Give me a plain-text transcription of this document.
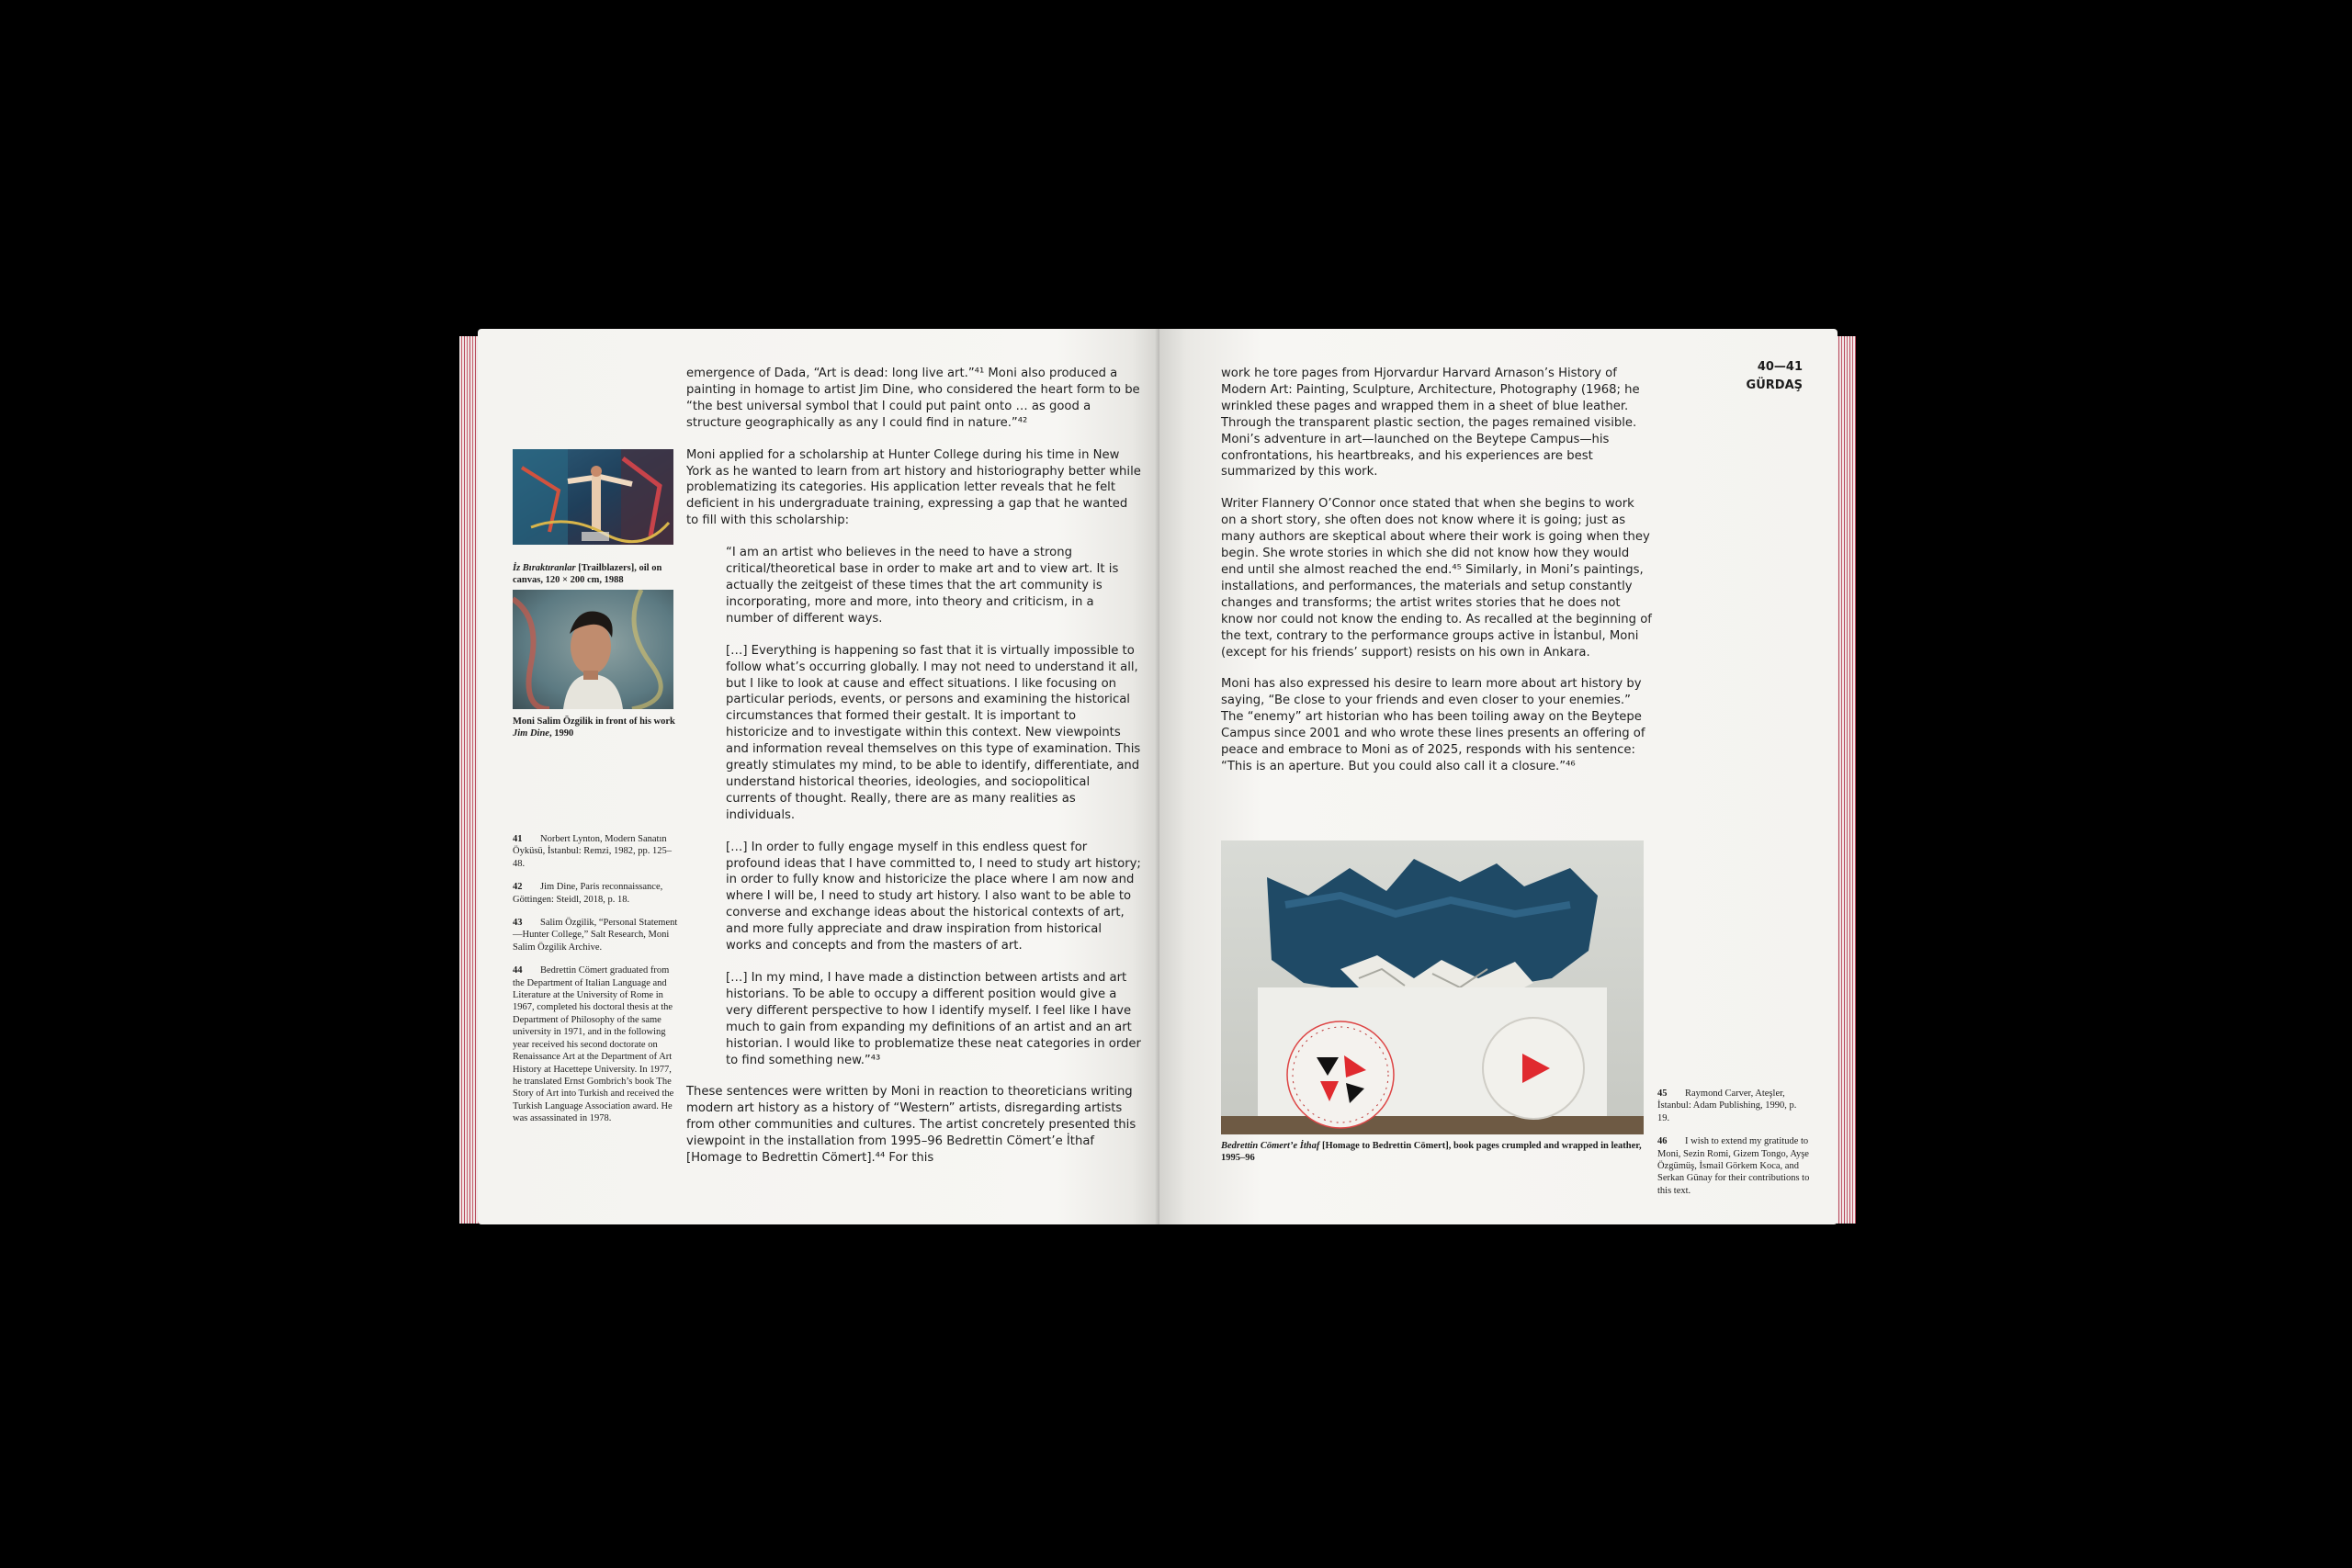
İz Bıraktıranlar [Trailblazers], oil on canvas, 120 × 200 cm, 1988
Moni Salim Özgilik in front of his work Jim Dine, 1990
41 Norbert Lynton, Modern Sanatın Öyküsü, İstanbul: Remzi, 1982, pp. 125–48.
42 Jim Dine, Paris reconnaissance, Göttingen: Steidl, 2018, p. 18.
43 Salim Özgilik, “Personal Statement—Hunter College,” Salt Research, Moni Salim Özgilik Archive.
44 Bedrettin Cömert graduated from the Department of Italian Language and Literature at the University of Rome in 1967, completed his doctoral thesis at the Department of Philosophy of the same university in 1971, and in the following year received his second doctorate on Renaissance Art at the Department of Art History at Hacettepe University. In 1977, he translated Ernst Gombrich’s book The Story of Art into Turkish and received the Turkish Language Association award. He was assassinated in 1978.

emergence of Dada, “Art is dead: long live art.”⁴¹ Moni also produced a painting in homage to artist Jim Dine, who considered the heart form to be “the best universal symbol that I could put paint onto … as good a structure geographically as any I could find in nature.”⁴²

Moni applied for a scholarship at Hunter College during his time in New York as he wanted to learn from art history and historiography better while problematizing its categories. His application letter reveals that he felt deficient in his undergraduate training, expressing a gap that he wanted to fill with this scholarship:

“I am an artist who believes in the need to have a strong critical/theoretical base in order to make art and to view art. It is actually the zeitgeist of these times that the art community is incorporating, more and more, into theory and criticism, in a number of different ways.

[…] Everything is happening so fast that it is virtually impossible to follow what’s occurring globally. I may not need to understand it all, but I like to look at cause and effect situations. I like focusing on particular periods, events, or persons and examining the historical circumstances that formed their gestalt. It is important to historicize and to investigate within this context. New viewpoints and information reveal themselves on this type of examination. This greatly stimulates my mind, to be able to identify, differentiate, and understand historical theories, ideologies, and sociopolitical currents of thought. Really, there are as many realities as individuals.

[…] In order to fully engage myself in this endless quest for profound ideas that I have committed to, I need to study art history; in order to fully know and historicize the place where I am now and where I will be, I need to study art history. I also want to be able to converse and exchange ideas about the historical contexts of art, and more fully appreciate and draw inspiration from historical works and concepts and from the masters of art.

[…] In my mind, I have made a distinction between artists and art historians. To be able to occupy a different position would give a very different perspective to how I identify myself. I feel like I have much to gain from expanding my definitions of an artist and an art historian. I would like to problematize these neat categories in order to find something new.”⁴³

These sentences were written by Moni in reaction to theoreticians writing modern art history as a history of “Western” artists, disregarding artists from other communities and cultures. The artist concretely presented this viewpoint in the installation from 1995–96 Bedrettin Cömert’e İthaf [Homage to Bedrettin Cömert].⁴⁴ For this

40—41
GÜRDAŞ

work he tore pages from Hjorvardur Harvard Arnason’s History of Modern Art: Painting, Sculpture, Architecture, Photography (1968; he wrinkled these pages and wrapped them in a sheet of blue leather. Through the transparent plastic section, the pages remained visible. Moni’s adventure in art—launched on the Beytepe Campus—his confrontations, his heartbreaks, and his experiences are best summarized by this work.

Writer Flannery O’Connor once stated that when she begins to work on a short story, she often does not know where it is going; just as many authors are skeptical about where their work is going when they begin. She wrote stories in which she did not know how they would end until she almost reached the end.⁴⁵ Similarly, in Moni’s paintings, installations, and performances, the materials and setup constantly changes and transforms; the artist writes stories that he does not know nor could not know the ending to. As recalled at the beginning of the text, contrary to the performance groups active in İstanbul, Moni (except for his friends’ support) resists on his own in Ankara.

Moni has also expressed his desire to learn more about art history by saying, “Be close to your friends and even closer to your enemies.” The “enemy” art historian who has been toiling away on the Beytepe Campus since 2001 and who wrote these lines presents an offering of peace and embrace to Moni as of 2025, responds with his sentence: “This is an aperture. But you could also call it a closure.”⁴⁶

Bedrettin Cömert’e İthaf [Homage to Bedrettin Cömert], book pages crumpled and wrapped in leather, 1995–96
45 Raymond Carver, Ateşler, İstanbul: Adam Publishing, 1990, p. 19.
46 I wish to extend my gratitude to Moni, Sezin Romi, Gizem Tongo, Ayşe Özgümüş, İsmail Görkem Koca, and Serkan Günay for their contributions to this text.
